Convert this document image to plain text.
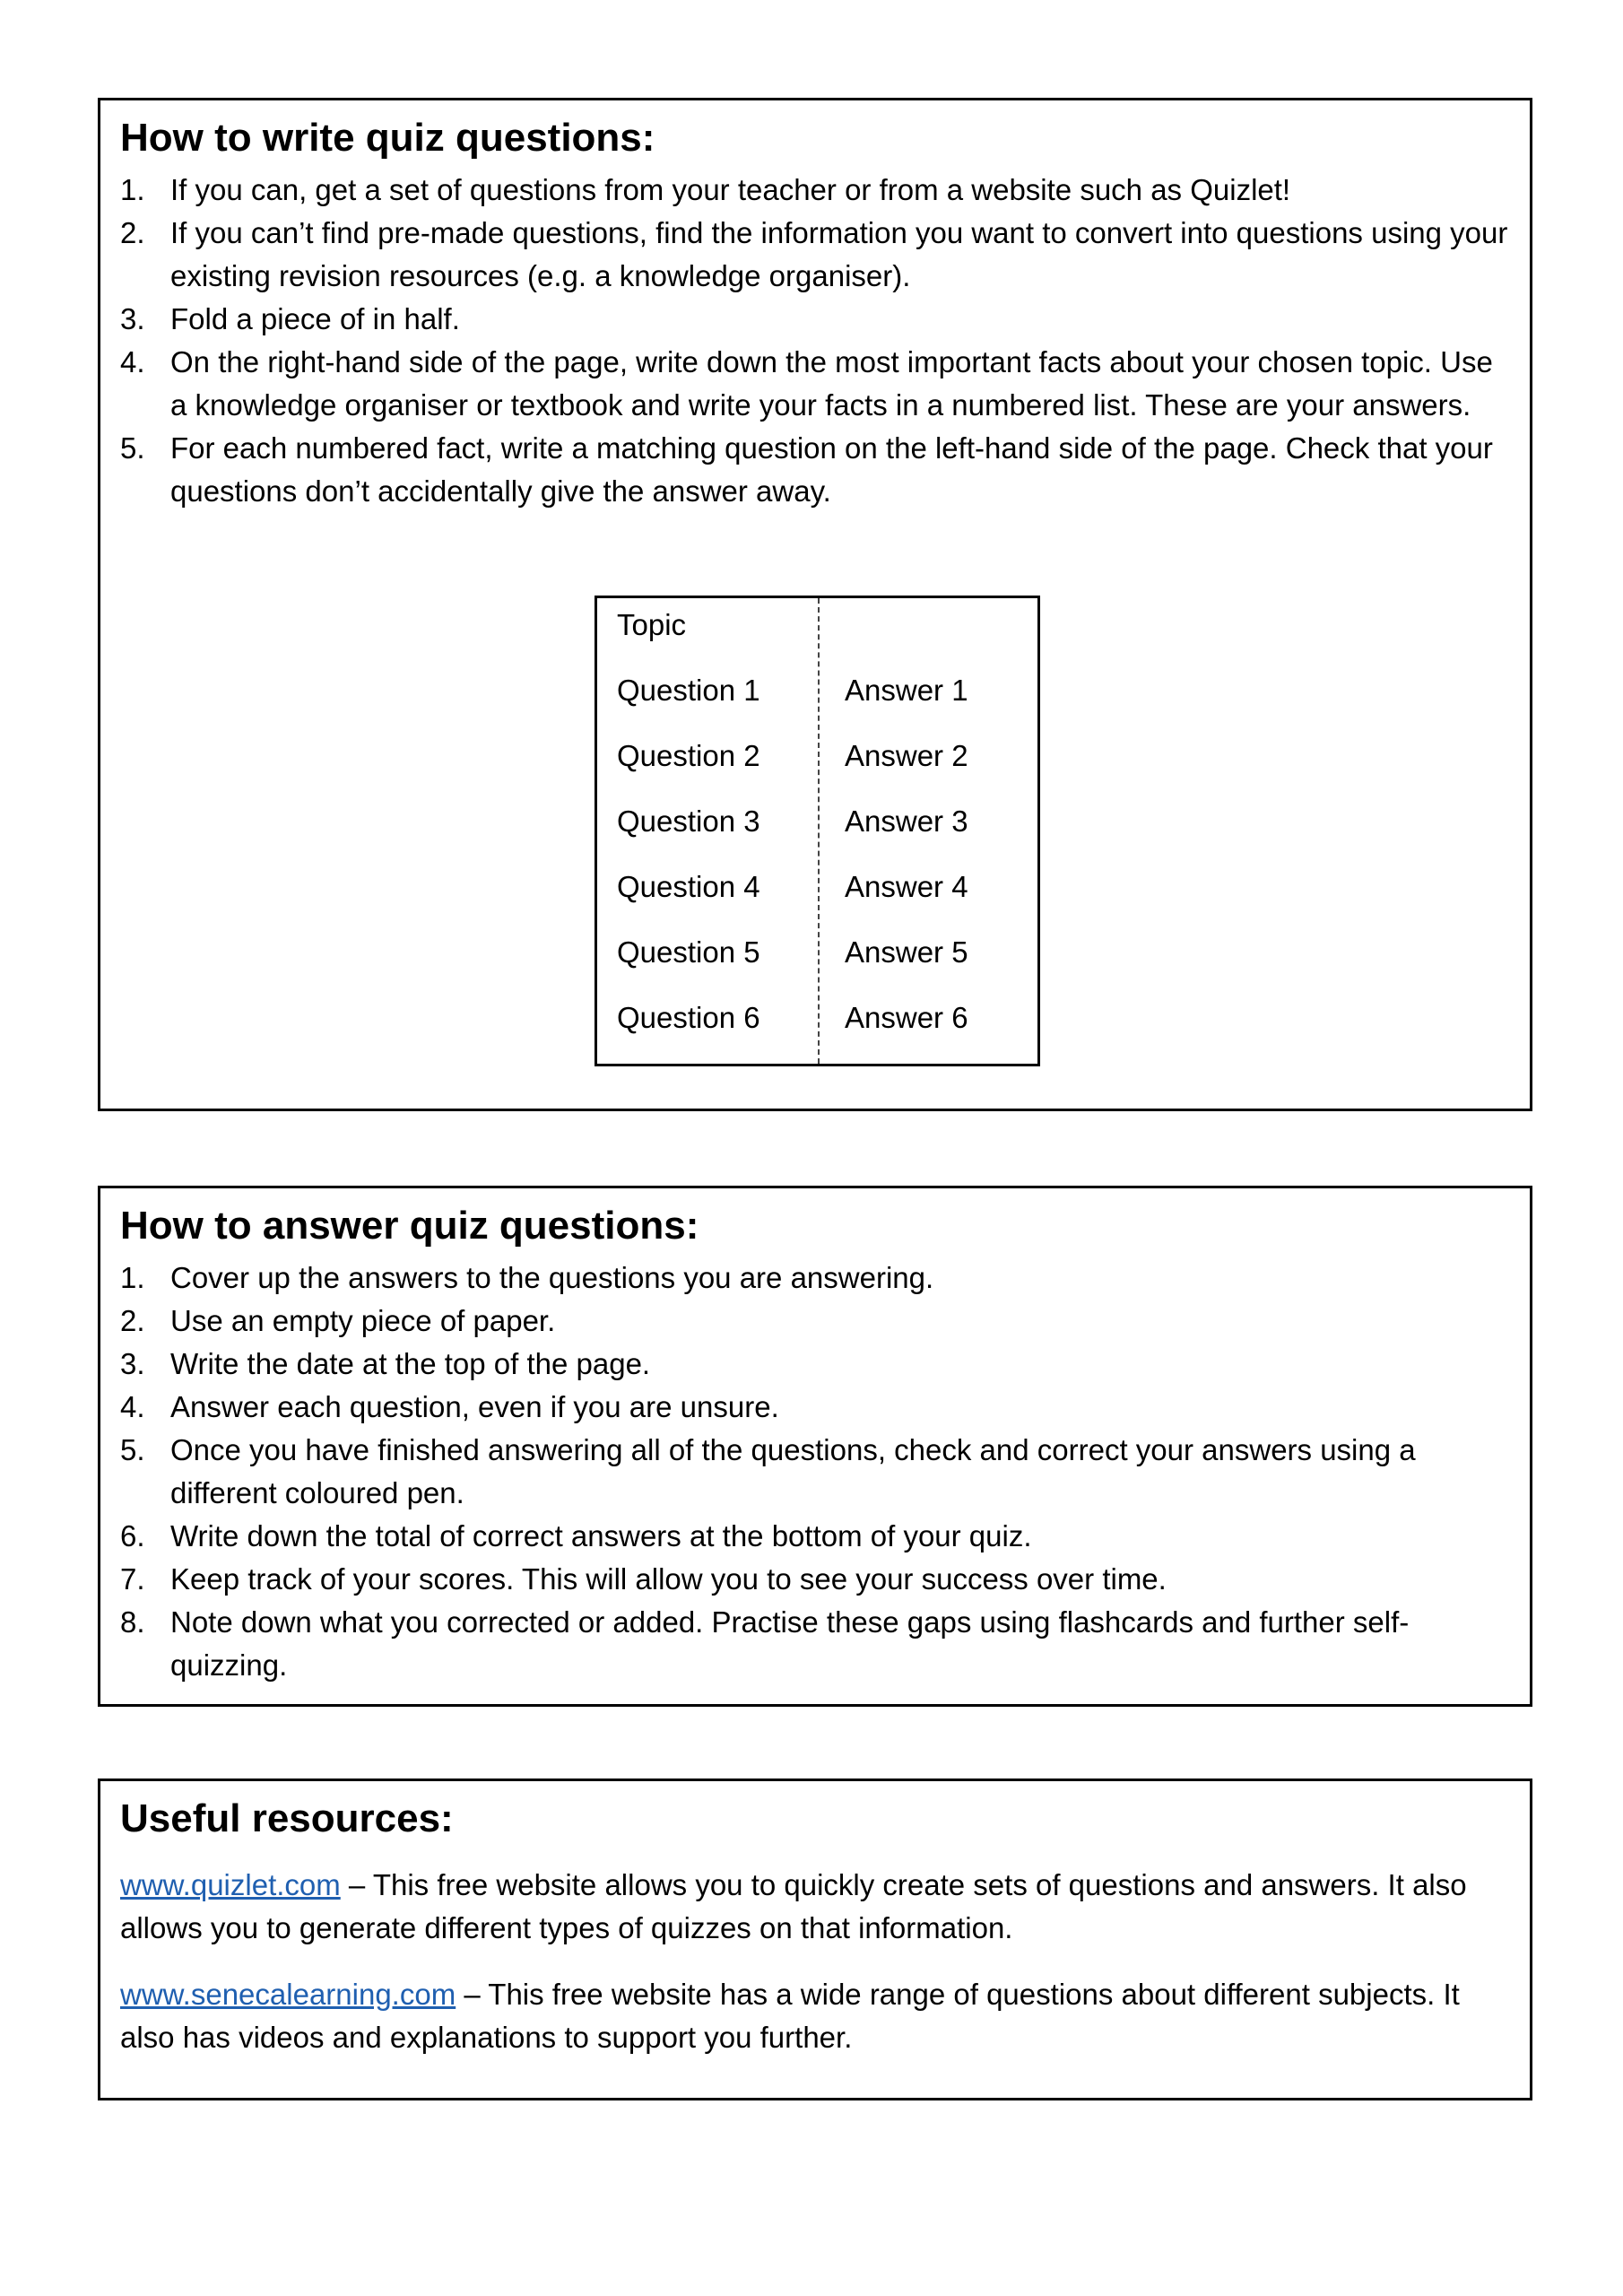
How to write quiz questions:
1. If you can, get a set of questions from your teacher or from a website such as Quizlet!
2. If you can’t find pre-made questions, find the information you want to convert into questions using your existing revision resources (e.g. a knowledge organiser).
3. Fold a piece of in half.
4. On the right-hand side of the page, write down the most important facts about your chosen topic. Use a knowledge organiser or textbook and write your facts in a numbered list. These are your answers.
5. For each numbered fact, write a matching question on the left-hand side of the page. Check that your questions don’t accidentally give the answer away.
Topic
Question 1	Answer 1
Question 2	Answer 2
Question 3	Answer 3
Question 4	Answer 4
Question 5	Answer 5
Question 6	Answer 6
How to answer quiz questions:
1. Cover up the answers to the questions you are answering.
2. Use an empty piece of paper.
3. Write the date at the top of the page.
4. Answer each question, even if you are unsure.
5. Once you have finished answering all of the questions, check and correct your answers using a different coloured pen.
6. Write down the total of correct answers at the bottom of your quiz.
7. Keep track of your scores. This will allow you to see your success over time.
8. Note down what you corrected or added. Practise these gaps using flashcards and further self-quizzing.
Useful resources:

www.quizlet.com – This free website allows you to quickly create sets of questions and answers. It also allows you to generate different types of quizzes on that information.

www.senecalearning.com – This free website has a wide range of questions about different subjects. It also has videos and explanations to support you further.
